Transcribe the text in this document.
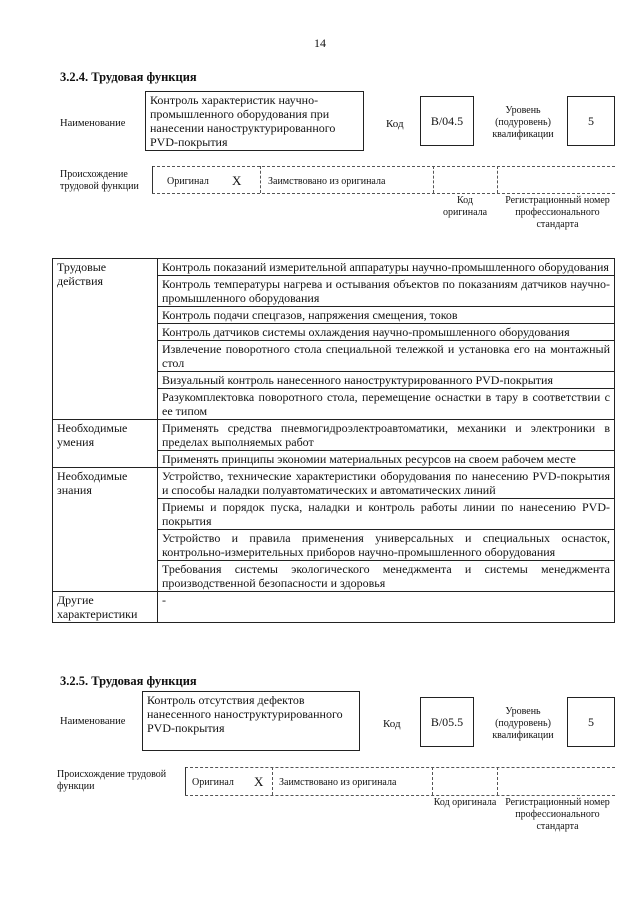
14
3.2.4. Трудовая функция
Наименование
Контроль характеристик научно-промышленного оборудования при нанесении наноструктурированного PVD-покрытия
Код	B/04.5
Уровень (подуровень) квалификации
5
Происхождение трудовой функции	Оригинал X	Заимствовано из оригинала
Код оригинала
Регистрационный номер профессионального стандарта
Трудовые действия	Контроль показаний измерительной аппаратуры научно-промышленного оборудования
	Контроль температуры нагрева и остывания объектов по показаниям датчиков научно-промышленного оборудования
	Контроль подачи спецгазов, напряжения смещения, токов
	Контроль датчиков системы охлаждения научно-промышленного оборудования
	Извлечение поворотного стола специальной тележкой и установка его на монтажный стол
	Визуальный контроль нанесенного наноструктурированного PVD-покрытия
	Разукомплектовка поворотного стола, перемещение оснастки в тару в соответствии с ее типом
Необходимые умения	Применять средства пневмогидроэлектроавтоматики, механики и электроники в пределах выполняемых работ
	Применять принципы экономии материальных ресурсов на своем рабочем месте
Необходимые знания	Устройство, технические характеристики оборудования по нанесению PVD-покрытия и способы наладки полуавтоматических и автоматических линий
	Приемы и порядок пуска, наладки и контроль работы линии по нанесению PVD-покрытия
	Устройство и правила применения универсальных и специальных оснасток, контрольно-измерительных приборов научно-промышленного оборудования
	Требования системы экологического менеджмента и системы менеджмента производственной безопасности и здоровья
Другие характеристики	-
3.2.5. Трудовая функция
Наименование
Контроль отсутствия дефектов нанесенного наноструктурированного PVD-покрытия	Код	B/05.5
Уровень (подуровень) квалификации
5
Происхождение трудовой функции	Оригинал X Заимствовано из оригинала
Код оригинала Регистрационный номер профессионального стандарта
